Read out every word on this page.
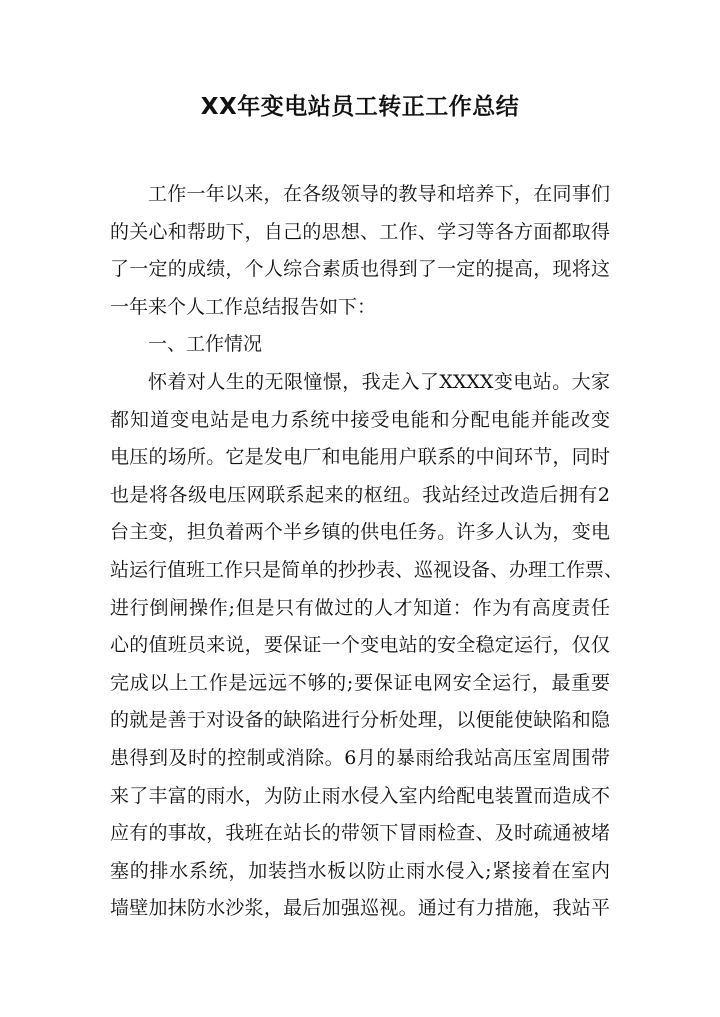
XX年变电站员工转正工作总结
工作一年以来，在各级领导的教导和培养下，在同事们
的关心和帮助下，自己的思想、工作、学习等各方面都取得
了一定的成绩，个人综合素质也得到了一定的提高，现将这
一年来个人工作总结报告如下：
一、工作情况
怀着对人生的无限憧憬，我走入了XXXX变电站。大家
都知道变电站是电力系统中接受电能和分配电能并能改变
电压的场所。它是发电厂和电能用户联系的中间环节，同时
也是将各级电压网联系起来的枢纽。我站经过改造后拥有2
台主变，担负着两个半乡镇的供电任务。许多人认为，变电
站运行值班工作只是简单的抄抄表、巡视设备、办理工作票、
进行倒闸操作;但是只有做过的人才知道：作为有高度责任
心的值班员来说，要保证一个变电站的安全稳定运行，仅仅
完成以上工作是远远不够的;要保证电网安全运行，最重要
的就是善于对设备的缺陷进行分析处理，以便能使缺陷和隐
患得到及时的控制或消除。6月的暴雨给我站高压室周围带
来了丰富的雨水，为防止雨水侵入室内给配电装置而造成不
应有的事故，我班在站长的带领下冒雨检查、及时疏通被堵
塞的排水系统，加装挡水板以防止雨水侵入;紧接着在室内
墙壁加抹防水沙浆，最后加强巡视。通过有力措施，我站平
